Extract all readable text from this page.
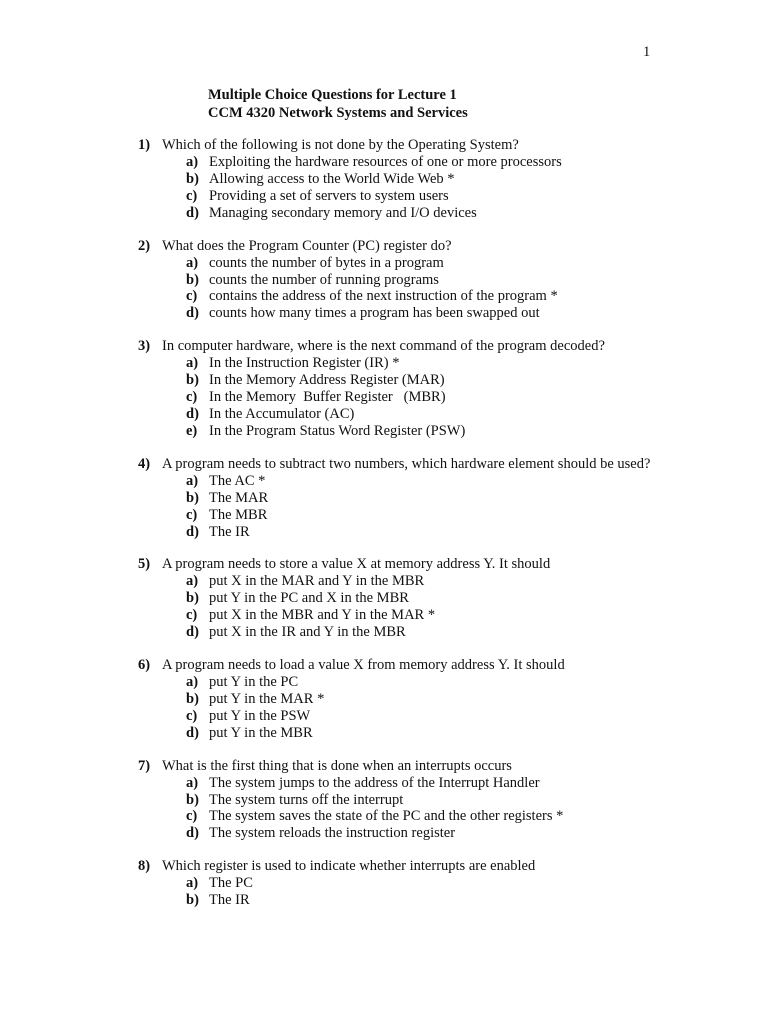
1
Multiple Choice Questions for Lecture 1
CCM 4320 Network Systems and Services
1) Which of the following is not done by the Operating System?
a) Exploiting the hardware resources of one or more processors
b) Allowing access to the World Wide Web *
c) Providing a set of servers to system users
d) Managing secondary memory and I/O devices
2) What does the Program Counter (PC) register do?
a) counts the number of bytes in a program
b) counts the number of running programs
c) contains the address of the next instruction of the program *
d) counts how many times a program has been swapped out
3) In computer hardware, where is the next command of the program decoded?
a) In the Instruction Register (IR) *
b) In the Memory Address Register (MAR)
c) In the Memory  Buffer Register   (MBR)
d) In the Accumulator (AC)
e) In the Program Status Word Register (PSW)
4) A program needs to subtract two numbers, which hardware element should be used?
a) The AC *
b) The MAR
c) The MBR
d) The IR
5) A program needs to store a value X at memory address Y. It should
a) put X in the MAR and Y in the MBR
b) put Y in the PC and X in the MBR
c) put X in the MBR and Y in the MAR *
d) put X in the IR and Y in the MBR
6) A program needs to load a value X from memory address Y. It should
a) put Y in the PC
b) put Y in the MAR *
c) put Y in the PSW
d) put Y in the MBR
7) What is the first thing that is done when an interrupts occurs
a) The system jumps to the address of the Interrupt Handler
b) The system turns off the interrupt
c) The system saves the state of the PC and the other registers *
d) The system reloads the instruction register
8) Which register is used to indicate whether interrupts are enabled
a) The PC
b) The IR
